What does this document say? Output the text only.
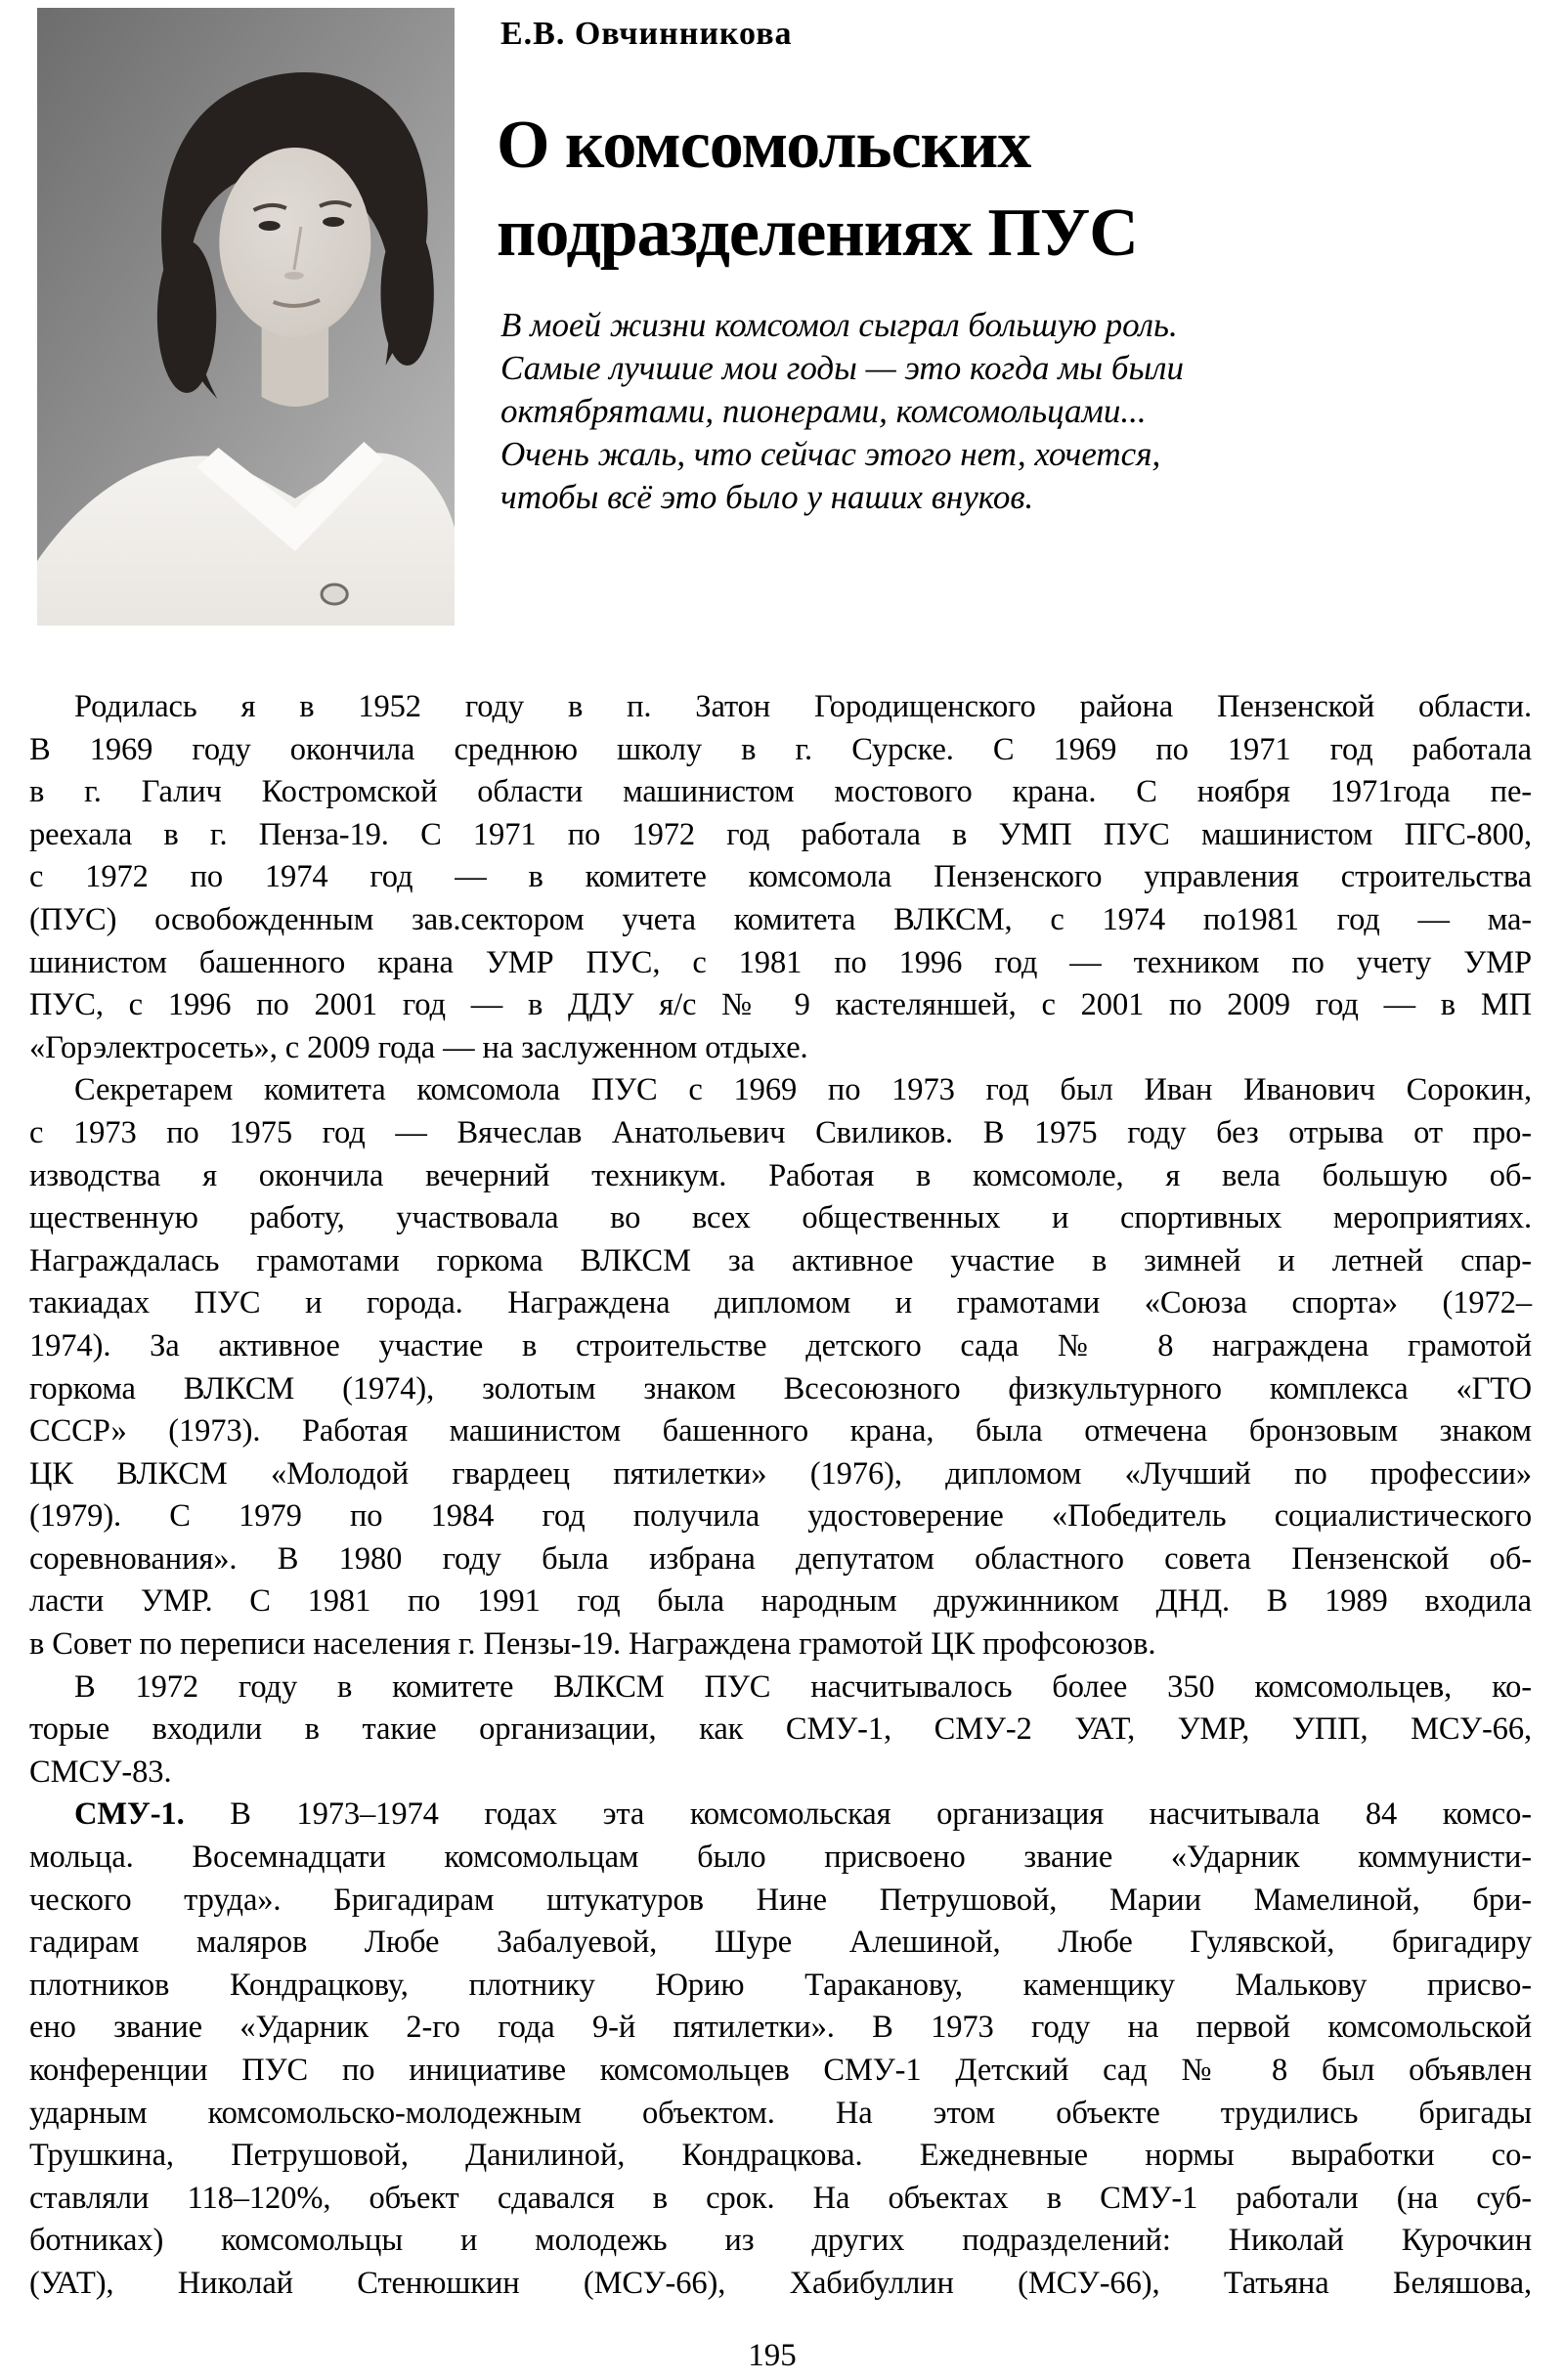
Е.В. Овчинникова
О комсомольских
подразделениях ПУС
В моей жизни комсомол сыграл большую роль.
Самые лучшие мои годы — это когда мы были
октябрятами, пионерами, комсомольцами...
Очень жаль, что сейчас этого нет, хочется,
чтобы всё это было у наших внуков.
Родилась я в 1952 году в п. Затон Городищенского района Пензенской области.
В 1969 году окончила среднюю школу в г. Сурске. С 1969 по 1971 год работала
в г. Галич Костромской области машинистом мостового крана. С ноября 1971года пе-
реехала в г. Пенза-19. С 1971 по 1972 год работала в УМП ПУС машинистом ПГС-800,
с 1972 по 1974 год — в комитете комсомола Пензенского управления строительства
(ПУС) освобожденным зав.сектором учета комитета ВЛКСМ, с 1974 по1981 год — ма-
шинистом башенного крана УМР ПУС, с 1981 по 1996 год — техником по учету УМР
ПУС, с 1996 по 2001 год — в ДДУ я/с № 9 кастеляншей, с 2001 по 2009 год — в МП
«Горэлектросеть», с 2009 года — на заслуженном отдыхе.
Секретарем комитета комсомола ПУС с 1969 по 1973 год был Иван Иванович Сорокин,
с 1973 по 1975 год — Вячеслав Анатольевич Свиликов. В 1975 году без отрыва от про-
изводства я окончила вечерний техникум. Работая в комсомоле, я вела большую об-
щественную работу, участвовала во всех общественных и спортивных мероприятиях.
Награждалась грамотами горкома ВЛКСМ за активное участие в зимней и летней спар-
такиадах ПУС и города. Награждена дипломом и грамотами «Союза спорта» (1972–
1974). За активное участие в строительстве детского сада № 8 награждена грамотой
горкома ВЛКСМ (1974), золотым знаком Всесоюзного физкультурного комплекса «ГТО
СССР» (1973). Работая машинистом башенного крана, была отмечена бронзовым знаком
ЦК ВЛКСМ «Молодой гвардеец пятилетки» (1976), дипломом «Лучший по профессии»
(1979). С 1979 по 1984 год получила удостоверение «Победитель социалистического
соревнования». В 1980 году была избрана депутатом областного совета Пензенской об-
ласти УМР. С 1981 по 1991 год была народным дружинником ДНД. В 1989 входила
в Совет по переписи населения г. Пензы-19. Награждена грамотой ЦК профсоюзов.
В 1972 году в комитете ВЛКСМ ПУС насчитывалось более 350 комсомольцев, ко-
торые входили в такие организации, как СМУ-1, СМУ-2 УАТ, УМР, УПП, МСУ-66,
СМСУ-83.
СМУ-1. В 1973–1974 годах эта комсомольская организация насчитывала 84 комсо-
мольца. Восемнадцати комсомольцам было присвоено звание «Ударник коммунисти-
ческого труда». Бригадирам штукатуров Нине Петрушовой, Марии Мамелиной, бри-
гадирам маляров Любе Забалуевой, Шуре Алешиной, Любе Гулявской, бригадиру
плотников Кондрацкову, плотнику Юрию Тараканову, каменщику Малькову присво-
ено звание «Ударник 2-го года 9-й пятилетки». В 1973 году на первой комсомольской
конференции ПУС по инициативе комсомольцев СМУ-1 Детский сад № 8 был объявлен
ударным комсомольско-молодежным объектом. На этом объекте трудились бригады
Трушкина, Петрушовой, Данилиной, Кондрацкова. Ежедневные нормы выработки со-
ставляли 118–120%, объект сдавался в срок. На объектах в СМУ-1 работали (на суб-
ботниках) комсомольцы и молодежь из других подразделений: Николай Курочкин
(УАТ), Николай Стенюшкин (МСУ-66), Хабибуллин (МСУ-66), Татьяна Беляшова,
195
